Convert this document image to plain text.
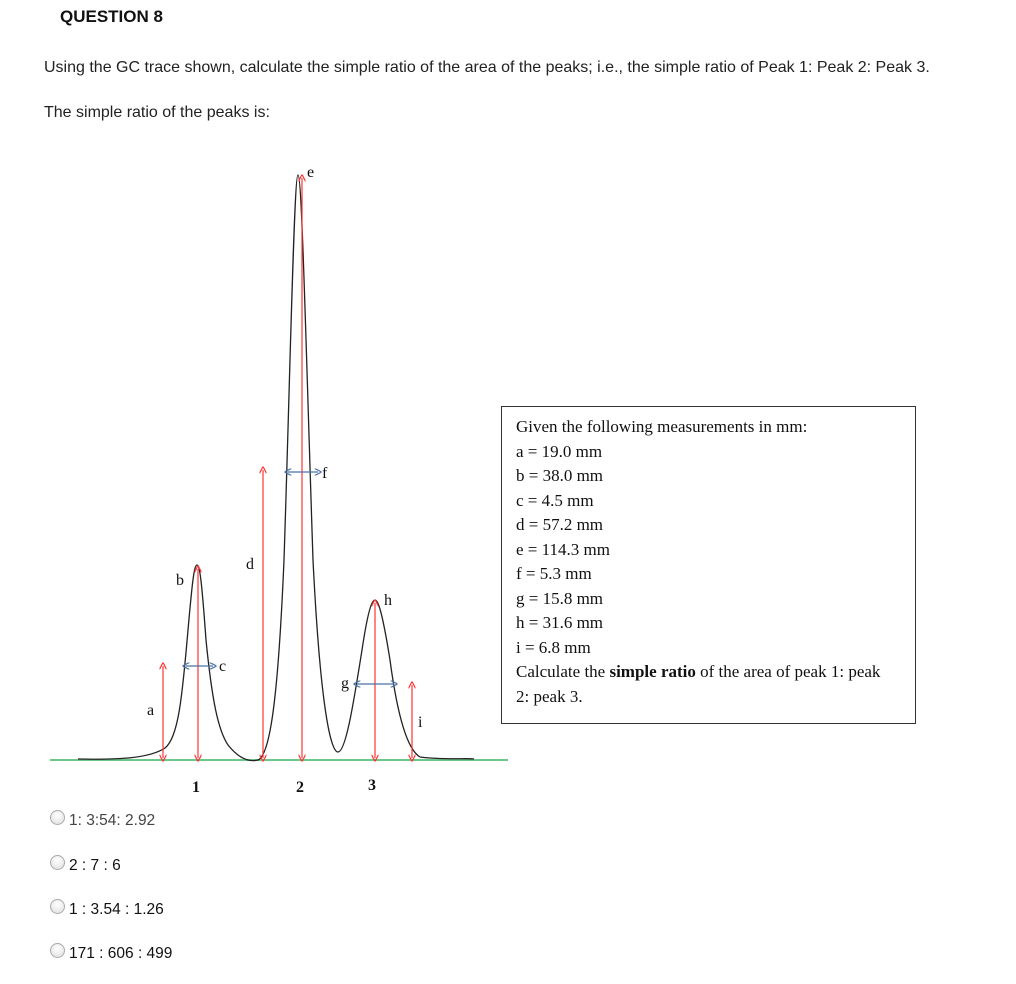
QUESTION 8
Using the GC trace shown, calculate the simple ratio of the area of the peaks; i.e., the simple ratio of Peak 1: Peak 2: Peak 3.
The simple ratio of the peaks is:
a
b
c
d
e
f
g
h
i
1	2	3
Given the following measurements in mm:
a = 19.0 mm
b = 38.0 mm
c = 4.5 mm
d = 57.2 mm
e = 114.3 mm
f = 5.3 mm
g = 15.8 mm
h = 31.6 mm
i = 6.8 mm
Calculate the simple ratio of the area of peak 1: peak 2: peak 3.
1: 3:54: 2.92
2 : 7 : 6
1 : 3.54 : 1.26
171 : 606 : 499
